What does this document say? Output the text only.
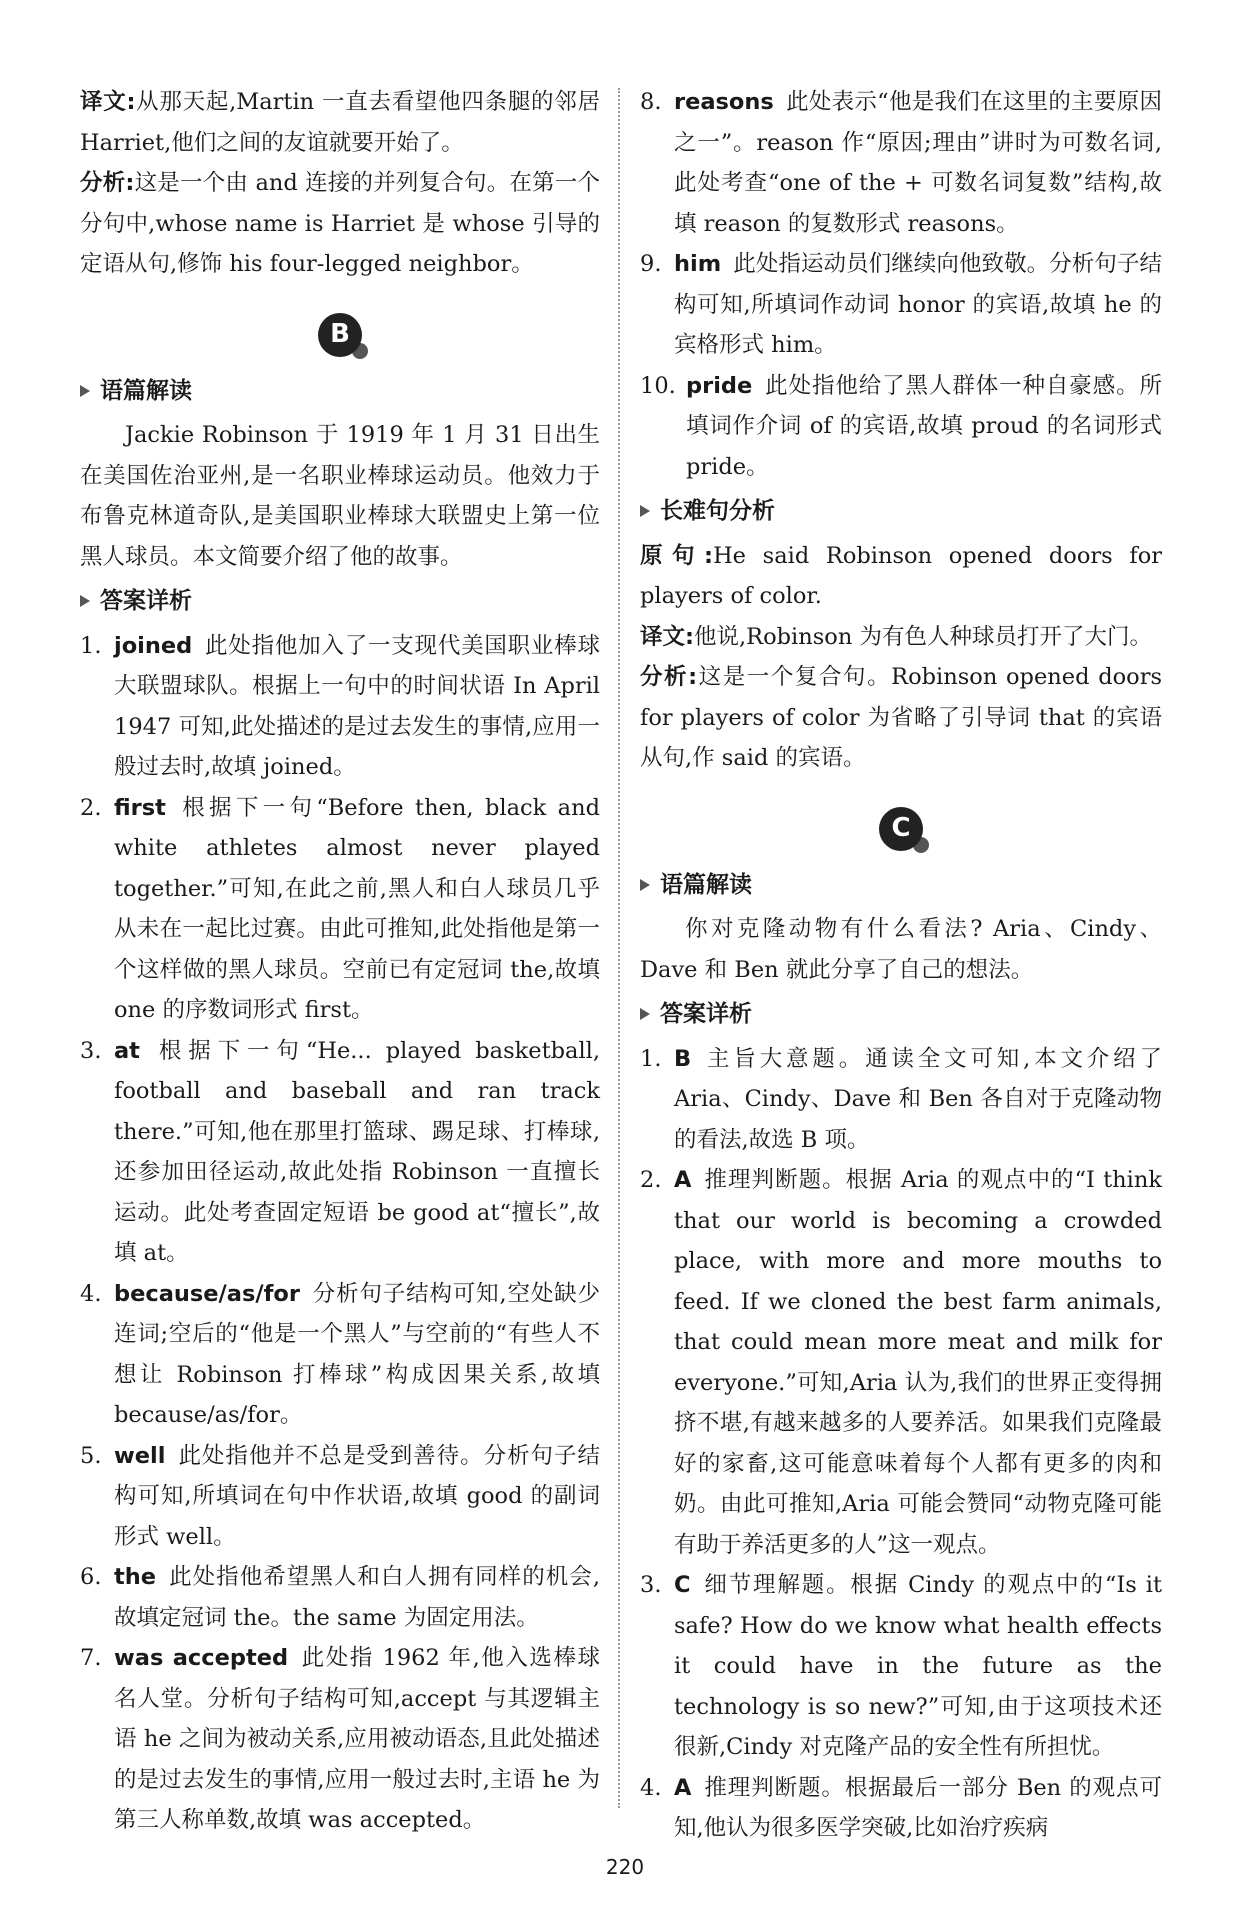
译文:从那天起,Martin 一直去看望他四条腿的邻居 Harriet,他们之间的友谊就要开始了。

分析:这是一个由 and 连接的并列复合句。在第一个分句中,whose name is Harriet 是 whose 引导的定语从句,修饰 his four-legged neighbor。

B
语篇解读

Jackie Robinson 于 1919 年 1 月 31 日出生在美国佐治亚州,是一名职业棒球运动员。他效力于布鲁克林道奇队,是美国职业棒球大联盟史上第一位黑人球员。本文简要介绍了他的故事。

答案详析
1. joined 此处指他加入了一支现代美国职业棒球大联盟球队。根据上一句中的时间状语 In April 1947 可知,此处描述的是过去发生的事情,应用一般过去时,故填 joined。
2. first 根据下一句“Before then, black and white athletes almost never played together.”可知,在此之前,黑人和白人球员几乎从未在一起比过赛。由此可推知,此处指他是第一个这样做的黑人球员。空前已有定冠词 the,故填 one 的序数词形式 first。
3. at 根据下一句“He... played basketball, football and baseball and ran track there.”可知,他在那里打篮球、踢足球、打棒球,还参加田径运动,故此处指 Robinson 一直擅长运动。此处考查固定短语 be good at“擅长”,故填 at。
4. because/as/for 分析句子结构可知,空处缺少连词;空后的“他是一个黑人”与空前的“有些人不想让 Robinson 打棒球”构成因果关系,故填 because/as/for。
5. well 此处指他并不总是受到善待。分析句子结构可知,所填词在句中作状语,故填 good 的副词形式 well。
6. the 此处指他希望黑人和白人拥有同样的机会,故填定冠词 the。the same 为固定用法。
7. was accepted 此处指 1962 年,他入选棒球名人堂。分析句子结构可知,accept 与其逻辑主语 he 之间为被动关系,应用被动语态,且此处描述的是过去发生的事情,应用一般过去时,主语 he 为第三人称单数,故填 was accepted。
8. reasons 此处表示“他是我们在这里的主要原因之一”。reason 作“原因;理由”讲时为可数名词,此处考查“one of the + 可数名词复数”结构,故填 reason 的复数形式 reasons。
9. him 此处指运动员们继续向他致敬。分析句子结构可知,所填词作动词 honor 的宾语,故填 he 的宾格形式 him。
10. pride 此处指他给了黑人群体一种自豪感。所填词作介词 of 的宾语,故填 proud 的名词形式 pride。
长难句分析

原句:He said Robinson opened doors for players of color.

译文:他说,Robinson 为有色人种球员打开了大门。

分析:这是一个复合句。Robinson opened doors for players of color 为省略了引导词 that 的宾语从句,作 said 的宾语。

C
语篇解读

你对克隆动物有什么看法? Aria、Cindy、Dave 和 Ben 就此分享了自己的想法。

答案详析
1. B 主旨大意题。通读全文可知,本文介绍了 Aria、Cindy、Dave 和 Ben 各自对于克隆动物的看法,故选 B 项。
2. A 推理判断题。根据 Aria 的观点中的“I think that our world is becoming a crowded place, with more and more mouths to feed. If we cloned the best farm animals, that could mean more meat and milk for everyone.”可知,Aria 认为,我们的世界正变得拥挤不堪,有越来越多的人要养活。如果我们克隆最好的家畜,这可能意味着每个人都有更多的肉和奶。由此可推知,Aria 可能会赞同“动物克隆可能有助于养活更多的人”这一观点。
3. C 细节理解题。根据 Cindy 的观点中的“Is it safe? How do we know what health effects it could have in the future as the technology is so new?”可知,由于这项技术还很新,Cindy 对克隆产品的安全性有所担忧。
4. A 推理判断题。根据最后一部分 Ben 的观点可知,他认为很多医学突破,比如治疗疾病
220
